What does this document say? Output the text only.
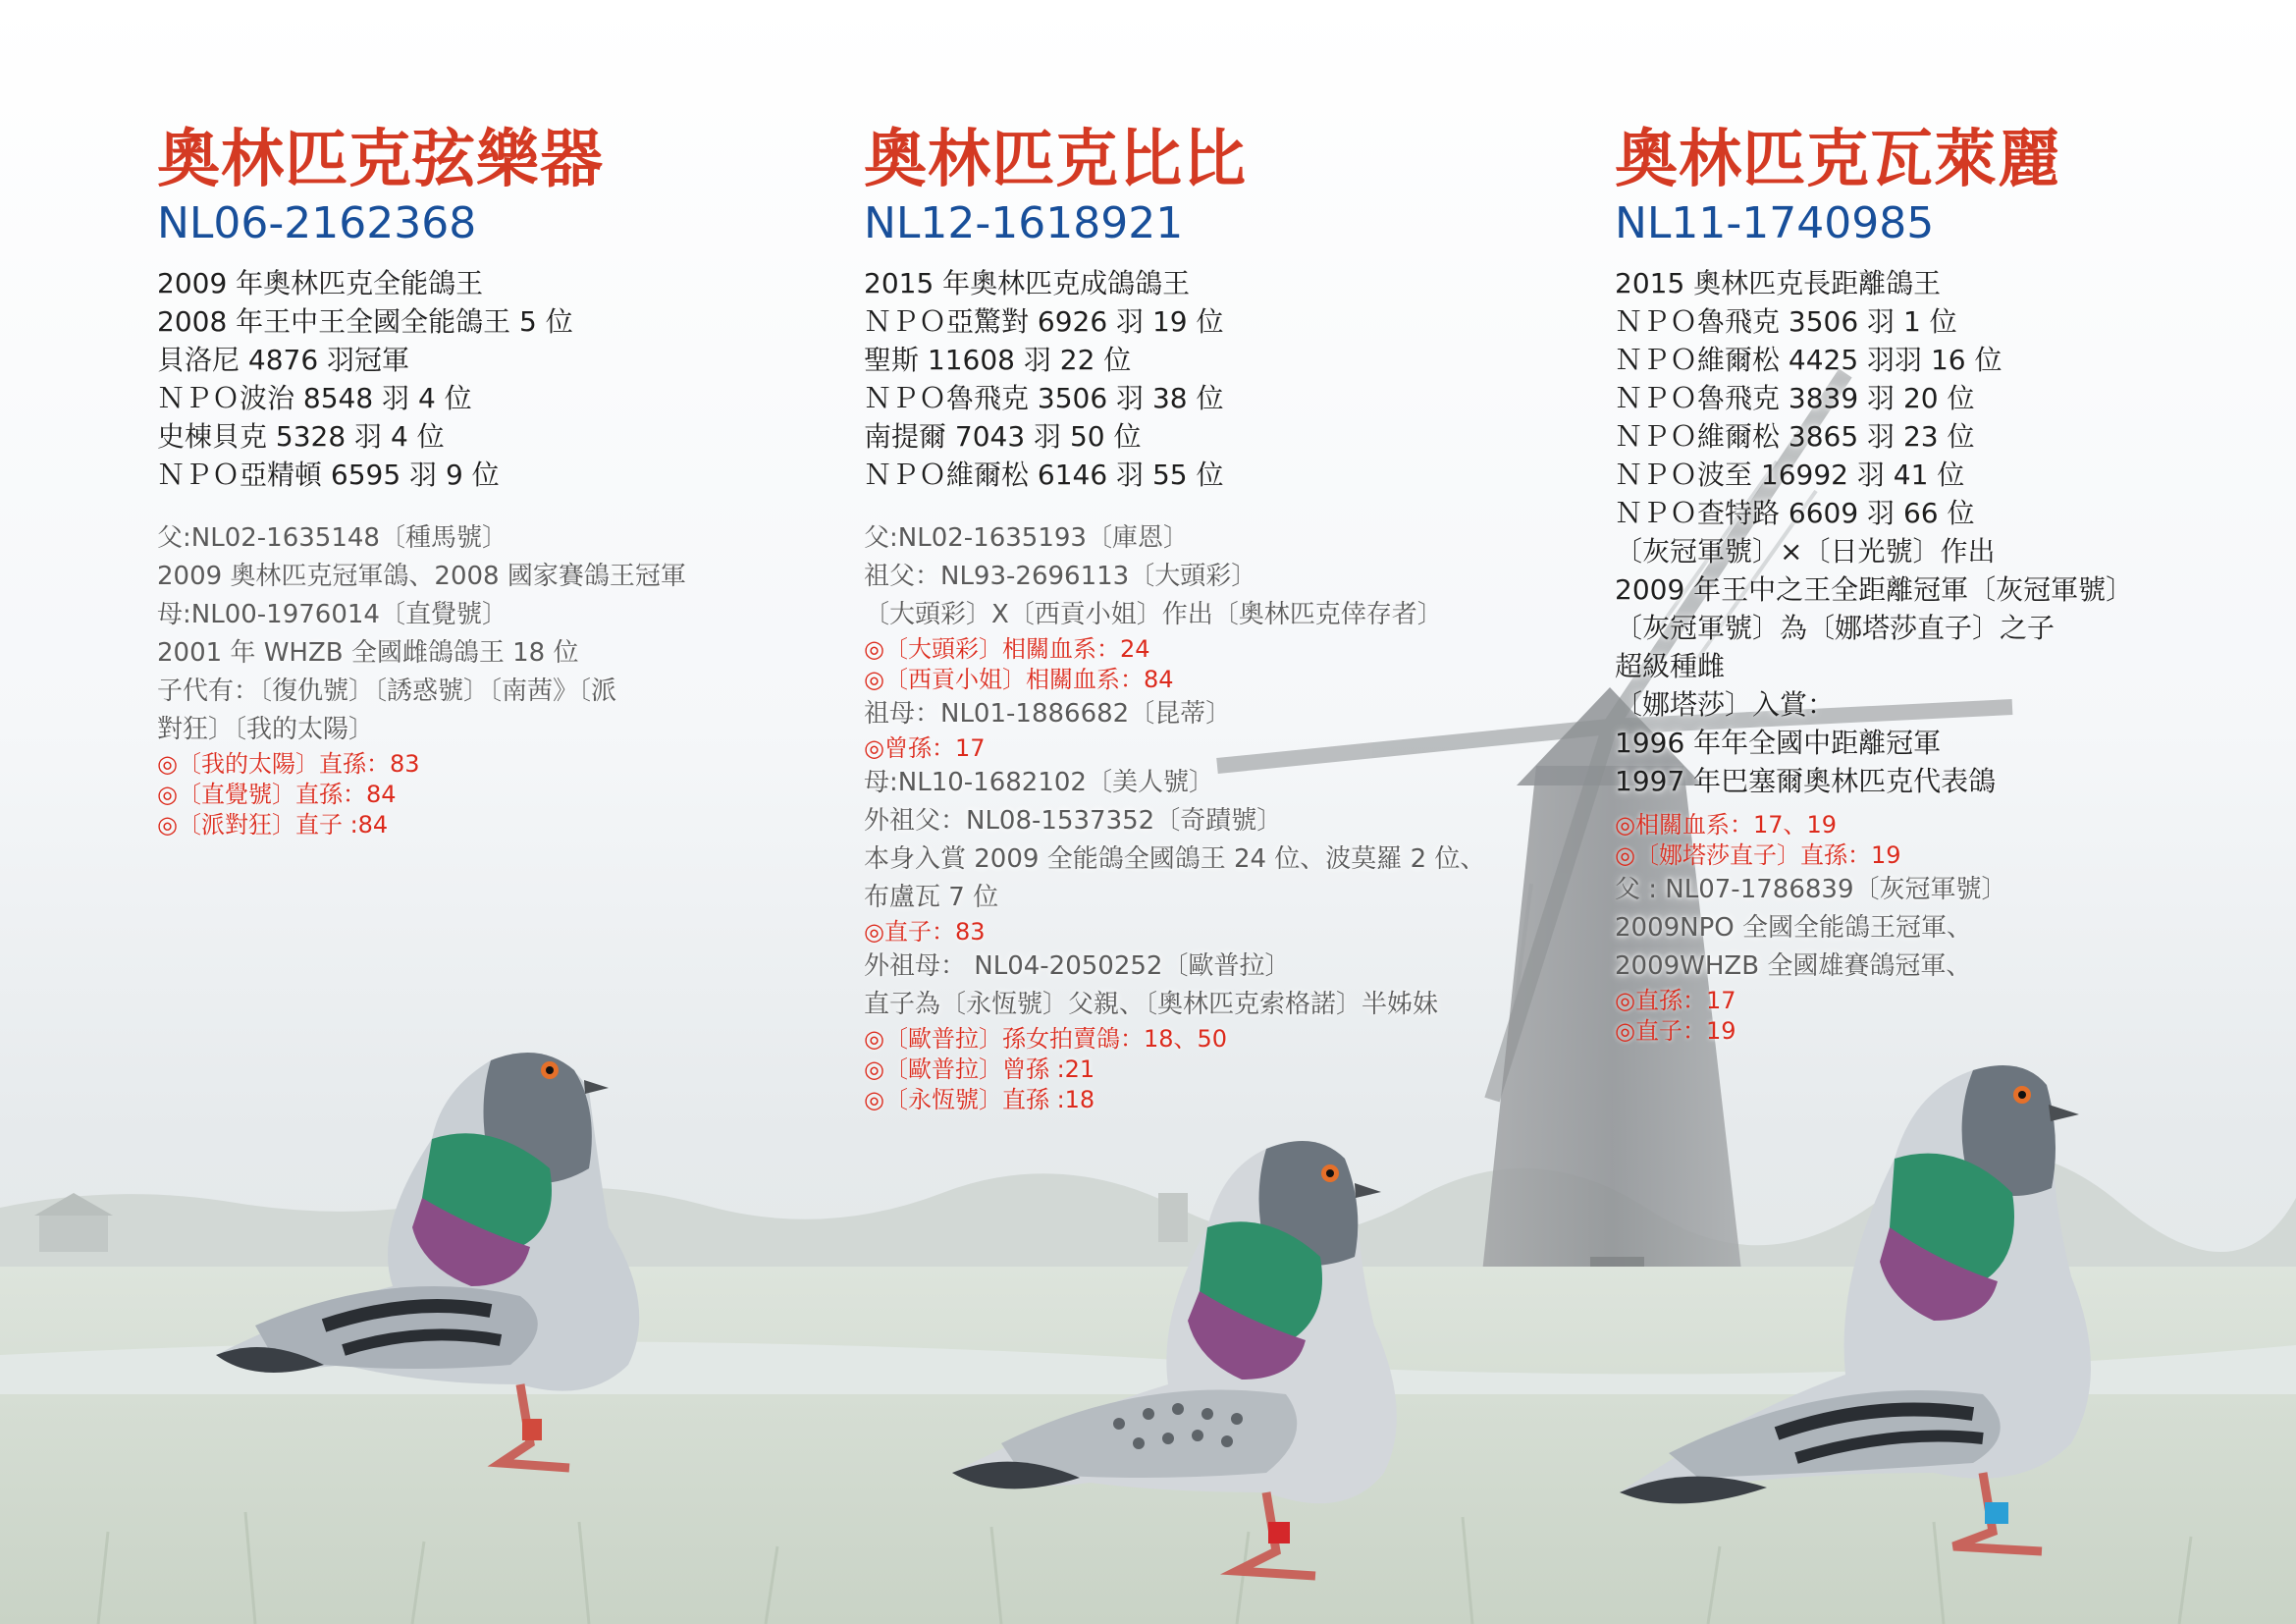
奧林匹克弦樂器
NL06-2162368

2009 年奧林匹克全能鴿王

2008 年王中王全國全能鴿王 5 位

貝洛尼 4876 羽冠軍

ＮＰＯ波治 8548 羽 4 位

史棟貝克 5328 羽 4 位

ＮＰＯ亞精頓 6595 羽 9 位

父:NL02-1635148〔種馬號〕

2009 奧林匹克冠軍鴿、2008 國家賽鴿王冠軍

母:NL00-1976014〔直覺號〕

2001 年 WHZB 全國雌鴿鴿王 18 位

子代有：〔復仇號〕〔誘惑號〕〔南茜》〔派

對狂〕〔我的太陽〕

◎〔我的太陽〕直孫：83

◎〔直覺號〕直孫：84

◎〔派對狂〕直子 :84

奧林匹克比比
NL12-1618921

2015 年奧林匹克成鴿鴿王

ＮＰＯ亞驚對 6926 羽 19 位

聖斯 11608 羽 22 位

ＮＰＯ魯飛克 3506 羽 38 位

南提爾 7043 羽 50 位

ＮＰＯ維爾松 6146 羽 55 位

父:NL02-1635193〔庫恩〕

祖父：NL93-2696113〔大頭彩〕

〔大頭彩〕X〔西貢小姐〕作出〔奧林匹克倖存者〕

◎〔大頭彩〕相關血系：24

◎〔西貢小姐〕相關血系：84

祖母：NL01-1886682〔昆蒂〕

◎曾孫：17

母:NL10-1682102〔美人號〕

外祖父：NL08-1537352〔奇蹟號〕

本身入賞 2009 全能鴿全國鴿王 24 位、波莫羅 2 位、

布盧瓦 7 位

◎直子：83

外祖母： NL04-2050252〔歐普拉〕

直子為〔永恆號〕父親、〔奧林匹克索格諾〕半姊妹

◎〔歐普拉〕孫女拍賣鴿：18、50

◎〔歐普拉〕曾孫 :21

◎〔永恆號〕直孫 :18

奧林匹克瓦萊麗
NL11-1740985

2015 奧林匹克長距離鴿王

ＮＰＯ魯飛克 3506 羽 1 位

ＮＰＯ維爾松 4425 羽羽 16 位

ＮＰＯ魯飛克 3839 羽 20 位

ＮＰＯ維爾松 3865 羽 23 位

ＮＰＯ波至 16992 羽 41 位

ＮＰＯ查特路 6609 羽 66 位

〔灰冠軍號〕×〔日光號〕作出

2009 年王中之王全距離冠軍〔灰冠軍號〕

〔灰冠軍號〕為〔娜塔莎直子〕之子

超級種雌

〔娜塔莎〕入賞：

1996 年年全國中距離冠軍

1997 年巴塞爾奧林匹克代表鴿

◎相關血系：17、19

◎〔娜塔莎直子〕直孫：19

父 : NL07-1786839〔灰冠軍號〕

2009NPO 全國全能鴿王冠軍、

2009WHZB 全國雄賽鴿冠軍、

◎直孫：17

◎直子：19
